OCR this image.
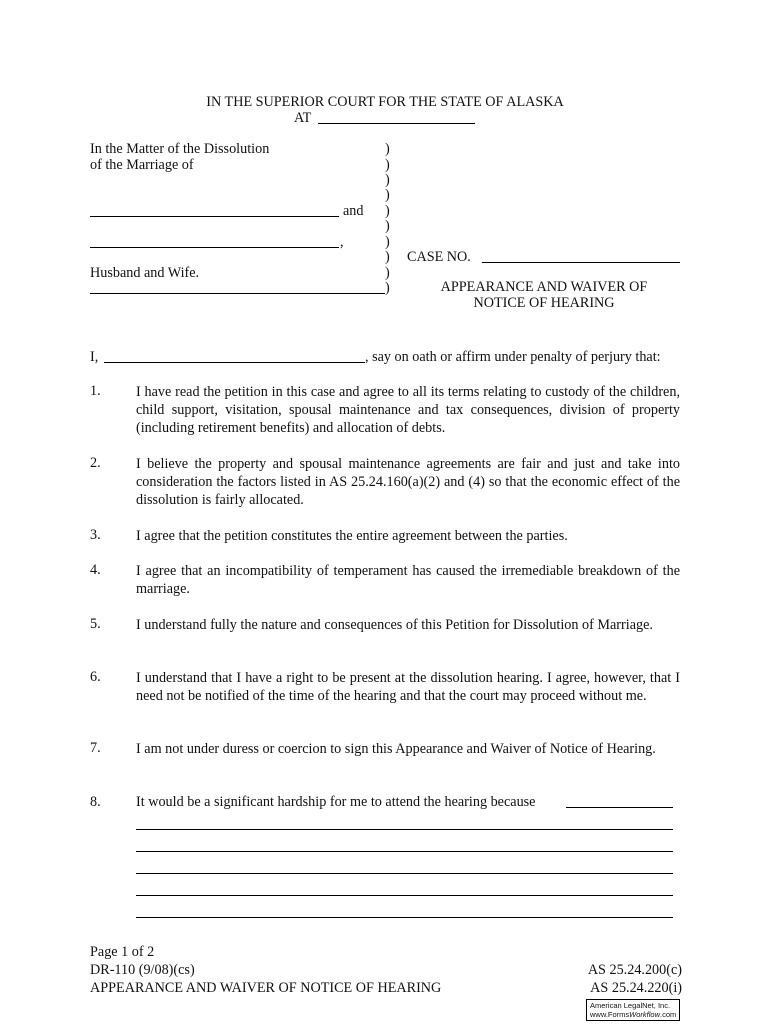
IN THE SUPERIOR COURT FOR THE STATE OF ALASKA
AT
In the Matter of the Dissolution
of the Marriage of
and
,
Husband and Wife.
)
)
)
)
)
)
)
)
)
)
CASE NO.
APPEARANCE AND WAIVER OF
NOTICE OF HEARING
I,	, say on oath or affirm under penalty of perjury that:
1. I have read the petition in this case and agree to all its terms relating to custody of the children, child support, visitation, spousal maintenance and tax consequences, division of property (including retirement benefits) and allocation of debts.
2. I believe the property and spousal maintenance agreements are fair and just and take into consideration the factors listed in AS 25.24.160(a)(2) and (4) so that the economic effect of the dissolution is fairly allocated.
3. I agree that the petition constitutes the entire agreement between the parties.
4. I agree that an incompatibility of temperament has caused the irremediable breakdown of the marriage.
5. I understand fully the nature and consequences of this Petition for Dissolution of Marriage.
6. I understand that I have a right to be present at the dissolution hearing. I agree, however, that I need not be notified of the time of the hearing and that the court may proceed without me.
7. I am not under duress or coercion to sign this Appearance and Waiver of Notice of Hearing.
8. It would be a significant hardship for me to attend the hearing because
Page 1 of 2
DR-110 (9/08)(cs)
APPEARANCE AND WAIVER OF NOTICE OF HEARING
AS 25.24.200(c)
AS 25.24.220(i)
American LegalNet, Inc.
www.FormsWorkflow.com
